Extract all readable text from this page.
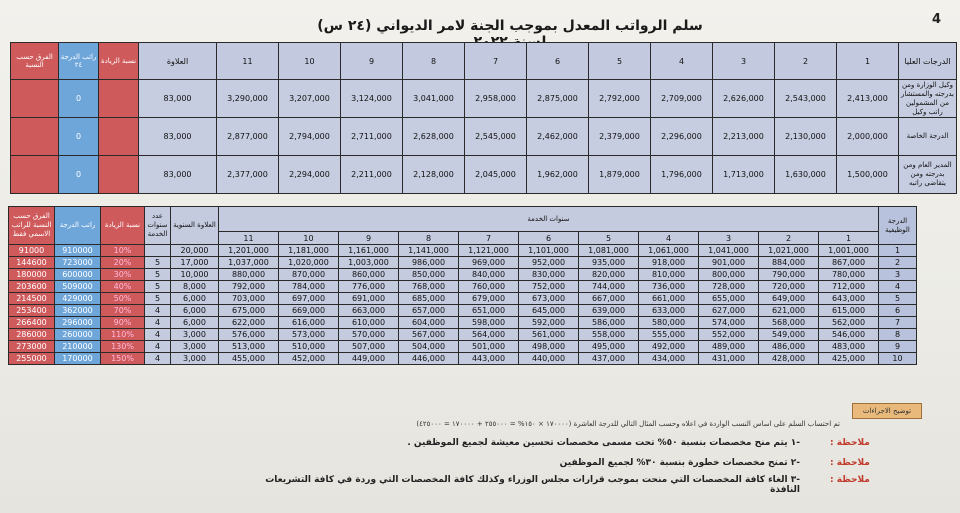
4
سلم الرواتب المعدل بموجب الجنة لامر الديواني (٢٤ س)
الدرجات العليا	1	2	3	4	5	6	7	8	9	10	11	العلاوة	نسبة الزيادة	راتب الدرجة ٢٤	الفرق حسب النسبة
وكيل الوزارة ومن بدرجته والمستشار من المشمولين راتب وكيل	2,413,000	2,543,000	2,626,000	2,709,000	2,792,000	2,875,000	2,958,000	3,041,000	3,124,000	3,207,000	3,290,000	83,000		0	
الدرجة الخاصة	2,000,000	2,130,000	2,213,000	2,296,000	2,379,000	2,462,000	2,545,000	2,628,000	2,711,000	2,794,000	2,877,000	83,000		0	
المدير العام ومن بدرجته ومن يتقاضى راتبه	1,500,000	1,630,000	1,713,000	1,796,000	1,879,000	1,962,000	2,045,000	2,128,000	2,211,000	2,294,000	2,377,000	83,000		0	
الدرجة الوظيفية	سنوات الخدمة											العلاوة السنوية	عدد سنوات الخدمة	نسبة الزيادة	راتب الدرجة	الفرق حسب النسبة للراتب الاسمي فقط
	1	2	3	4	5	6	7	8	9	10	11					
1	1,001,000	1,021,000	1,041,000	1,061,000	1,081,000	1,101,000	1,121,000	1,141,000	1,161,000	1,181,000	1,201,000	20,000		10%	910000	91000
2	867,000	884,000	901,000	918,000	935,000	952,000	969,000	986,000	1,003,000	1,020,000	1,037,000	17,000	5	20%	723000	144600
3	780,000	790,000	800,000	810,000	820,000	830,000	840,000	850,000	860,000	870,000	880,000	10,000	5	30%	600000	180000
4	712,000	720,000	728,000	736,000	744,000	752,000	760,000	768,000	776,000	784,000	792,000	8,000	5	40%	509000	203600
5	643,000	649,000	655,000	661,000	667,000	673,000	679,000	685,000	691,000	697,000	703,000	6,000	5	50%	429000	214500
6	615,000	621,000	627,000	633,000	639,000	645,000	651,000	657,000	663,000	669,000	675,000	6,000	4	70%	362000	253400
7	562,000	568,000	574,000	580,000	586,000	592,000	598,000	604,000	610,000	616,000	622,000	6,000	4	90%	296000	266400
8	546,000	549,000	552,000	555,000	558,000	561,000	564,000	567,000	570,000	573,000	576,000	3,000	4	110%	260000	286000
9	483,000	486,000	489,000	492,000	495,000	498,000	501,000	504,000	507,000	510,000	513,000	3,000	4	130%	210000	273000
10	425,000	428,000	431,000	434,000	437,000	440,000	443,000	446,000	449,000	452,000	455,000	3,000	4	150%	170000	255000
توضيح الاجراءات
تم احتساب السلم على اساس النسب الواردة في اعلاه وحسب المثال التالي للدرجة العاشرة (١٧٠٠٠٠ × ١٥٠% = ٢٥٥٠٠٠ + ١٧٠٠٠٠ = ٤٢٥٠٠٠)
ملاحظة :
-١ يتم منح مخصصات بنسبة ٥٠% تحت مسمى مخصصات تحسين معيشة لجميع الموظفين .
ملاحظة :
-٢ تمنح مخصصات خطورة بنسبة ٣٠% لجميع الموظفين
ملاحظة :
-٣ الغاء كافة المخصصات التي منحت بموجب قرارات مجلس الوزراء وكذلك كافة المخصصات التي وردة في كافة التشريعات النافذة
